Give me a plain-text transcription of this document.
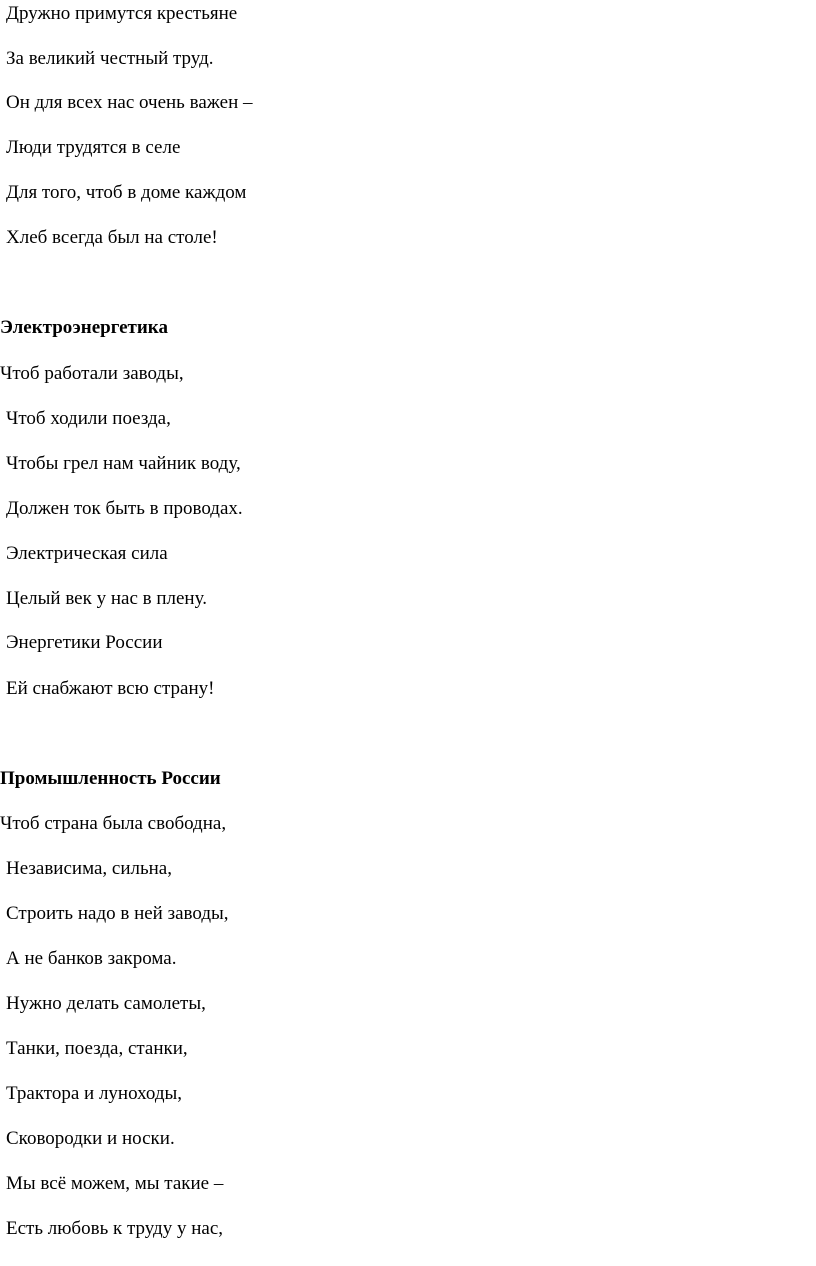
Дружно примутся крестьяне
За великий честный труд.
Он для всех нас очень важен –
Люди трудятся в селе
Для того, чтоб в доме каждом
Хлеб всегда был на столе!
Электроэнергетика
Чтоб работали заводы,
Чтоб ходили поезда,
Чтобы грел нам чайник воду,
Должен ток быть в проводах.
Электрическая сила
Целый век у нас в плену.
Энергетики России
Ей снабжают всю страну!
Промышленность России
Чтоб страна была свободна,
Независима, сильна,
Строить надо в ней заводы,
А не банков закрома.
Нужно делать самолеты,
Танки, поезда, станки,
Трактора и луноходы,
Сковородки и носки.
Мы всё можем, мы такие –
Есть любовь к труду у нас,
